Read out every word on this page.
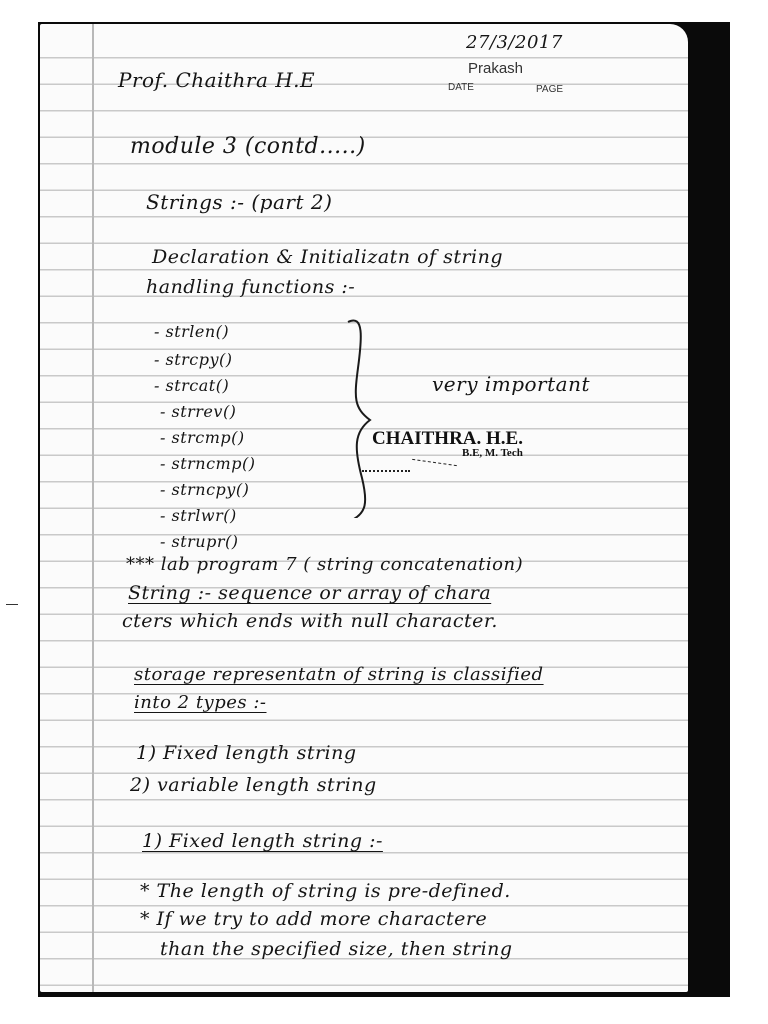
27/3/2017
Prakash
DATE	PAGE
Prof. Chaithra H.E
module 3 (contd.....)
Strings :- (part 2)
Declaration & Initializatn of string
handling functions :-
- strlen()
- strcpy()
- strcat()
- strrev()
- strcmp()
- strncmp()
- strncpy()
- strlwr()
- strupr()
very important
CHAITHRA. H.E.
B.E, M. Tech
*** lab program 7 ( string concatenation)
String :- sequence or array of chara
cters which ends with null character.
storage representatn of string is classified
into 2 types :-
1) Fixed length string
2) variable length string
1) Fixed length string :-
* The length of string is pre-defined.
* If we try to add more charactere
than the specified size, then string
